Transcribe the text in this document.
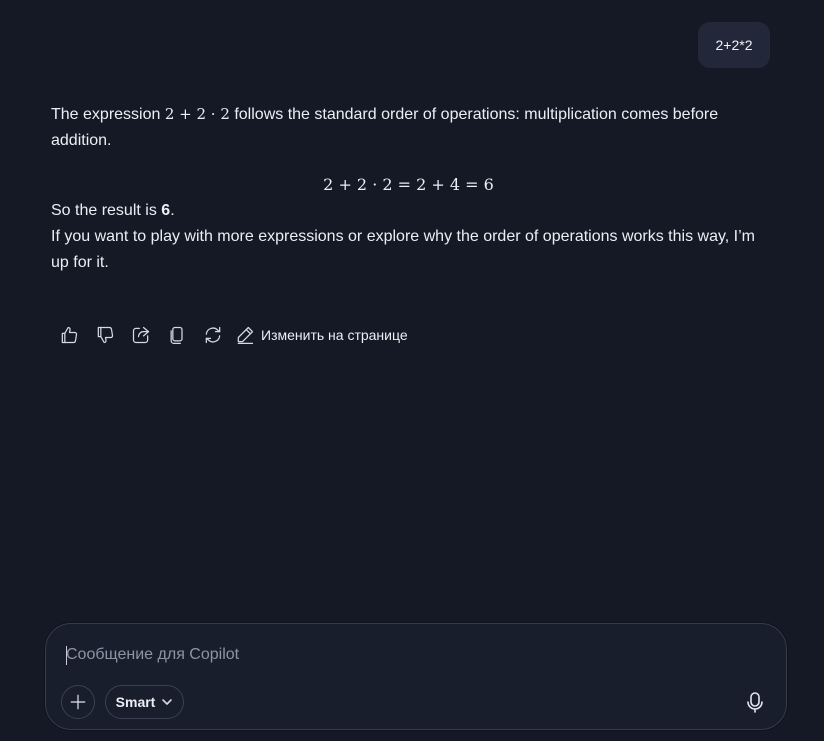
2+2*2

The expression 2 + 2 · 2 follows the standard order of operations: multiplication comes before addition.

2 + 2 · 2 = 2 + 4 = 6

So the result is 6.

If you want to play with more expressions or explore why the order of operations works this way, I’m up for it.

Изменить на странице
Сообщение для Copilot
Smart
